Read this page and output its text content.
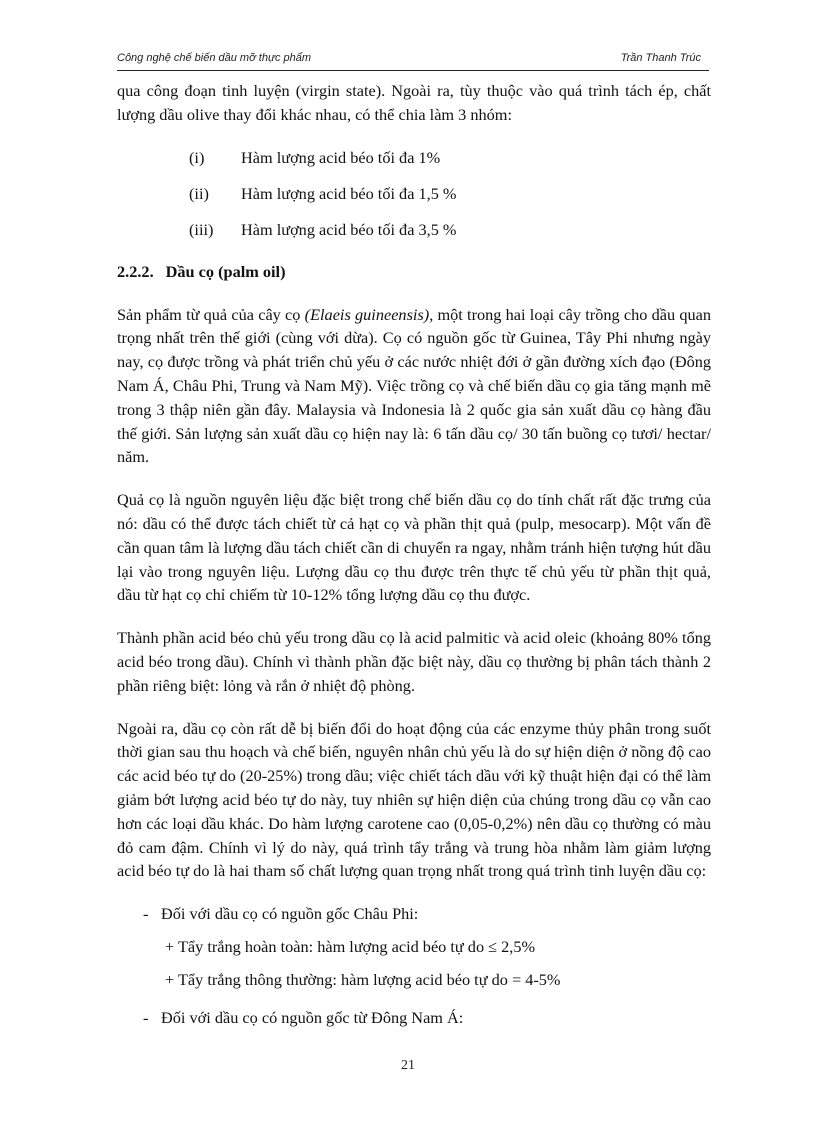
Công nghệ chế biến dầu mỡ thực phẩm	Trần Thanh Trúc

qua công đoạn tinh luyện (virgin state). Ngoài ra, tùy thuộc vào quá trình tách ép, chất lượng dầu olive thay đổi khác nhau, có thể chia làm 3 nhóm:

(i) Hàm lượng acid béo tối đa 1%
(ii) Hàm lượng acid béo tối đa 1,5 %
(iii) Hàm lượng acid béo tối đa 3,5 %
2.2.2. Dầu cọ (palm oil)

Sản phẩm từ quả của cây cọ (Elaeis guineensis), một trong hai loại cây trồng cho dầu quan trọng nhất trên thế giới (cùng với dừa). Cọ có nguồn gốc từ Guinea, Tây Phi nhưng ngày nay, cọ được trồng và phát triển chủ yếu ở các nước nhiệt đới ở gần đường xích đạo (Đông Nam Á, Châu Phi, Trung và Nam Mỹ). Việc trồng cọ và chế biến dầu cọ gia tăng mạnh mẽ trong 3 thập niên gần đây. Malaysia và Indonesia là 2 quốc gia sản xuất dầu cọ hàng đầu thế giới. Sản lượng sản xuất dầu cọ hiện nay là: 6 tấn dầu cọ/ 30 tấn buồng cọ tươi/ hectar/ năm.

Quả cọ là nguồn nguyên liệu đặc biệt trong chế biến dầu cọ do tính chất rất đặc trưng của nó: dầu có thể được tách chiết từ cả hạt cọ và phần thịt quả (pulp, mesocarp). Một vấn đề cần quan tâm là lượng dầu tách chiết cần di chuyển ra ngay, nhằm tránh hiện tượng hút dầu lại vào trong nguyên liệu. Lượng dầu cọ thu được trên thực tế chủ yếu từ phần thịt quả, dầu từ hạt cọ chỉ chiếm từ 10-12% tổng lượng dầu cọ thu được.

Thành phần acid béo chủ yếu trong dầu cọ là acid palmitic và acid oleic (khoảng 80% tổng acid béo trong dầu). Chính vì thành phần đặc biệt này, dầu cọ thường bị phân tách thành 2 phần riêng biệt: lỏng và rắn ở nhiệt độ phòng.

Ngoài ra, dầu cọ còn rất dễ bị biến đổi do hoạt động của các enzyme thủy phân trong suốt thời gian sau thu hoạch và chế biến, nguyên nhân chủ yếu là do sự hiện diện ở nồng độ cao các acid béo tự do (20-25%) trong dầu; việc chiết tách dầu với kỹ thuật hiện đại có thể làm giảm bớt lượng acid béo tự do này, tuy nhiên sự hiện diện của chúng trong dầu cọ vẫn cao hơn các loại dầu khác. Do hàm lượng carotene cao (0,05-0,2%) nên dầu cọ thường có màu đỏ cam đậm. Chính vì lý do này, quá trình tẩy trắng và trung hòa nhằm làm giảm lượng acid béo tự do là hai tham số chất lượng quan trọng nhất trong quá trình tinh luyện dầu cọ:

- Đối với dầu cọ có nguồn gốc Châu Phi:
+ Tẩy trắng hoàn toàn: hàm lượng acid béo tự do ≤ 2,5%
+ Tẩy trắng thông thường: hàm lượng acid béo tự do = 4-5%
- Đối với dầu cọ có nguồn gốc từ Đông Nam Á:
21
